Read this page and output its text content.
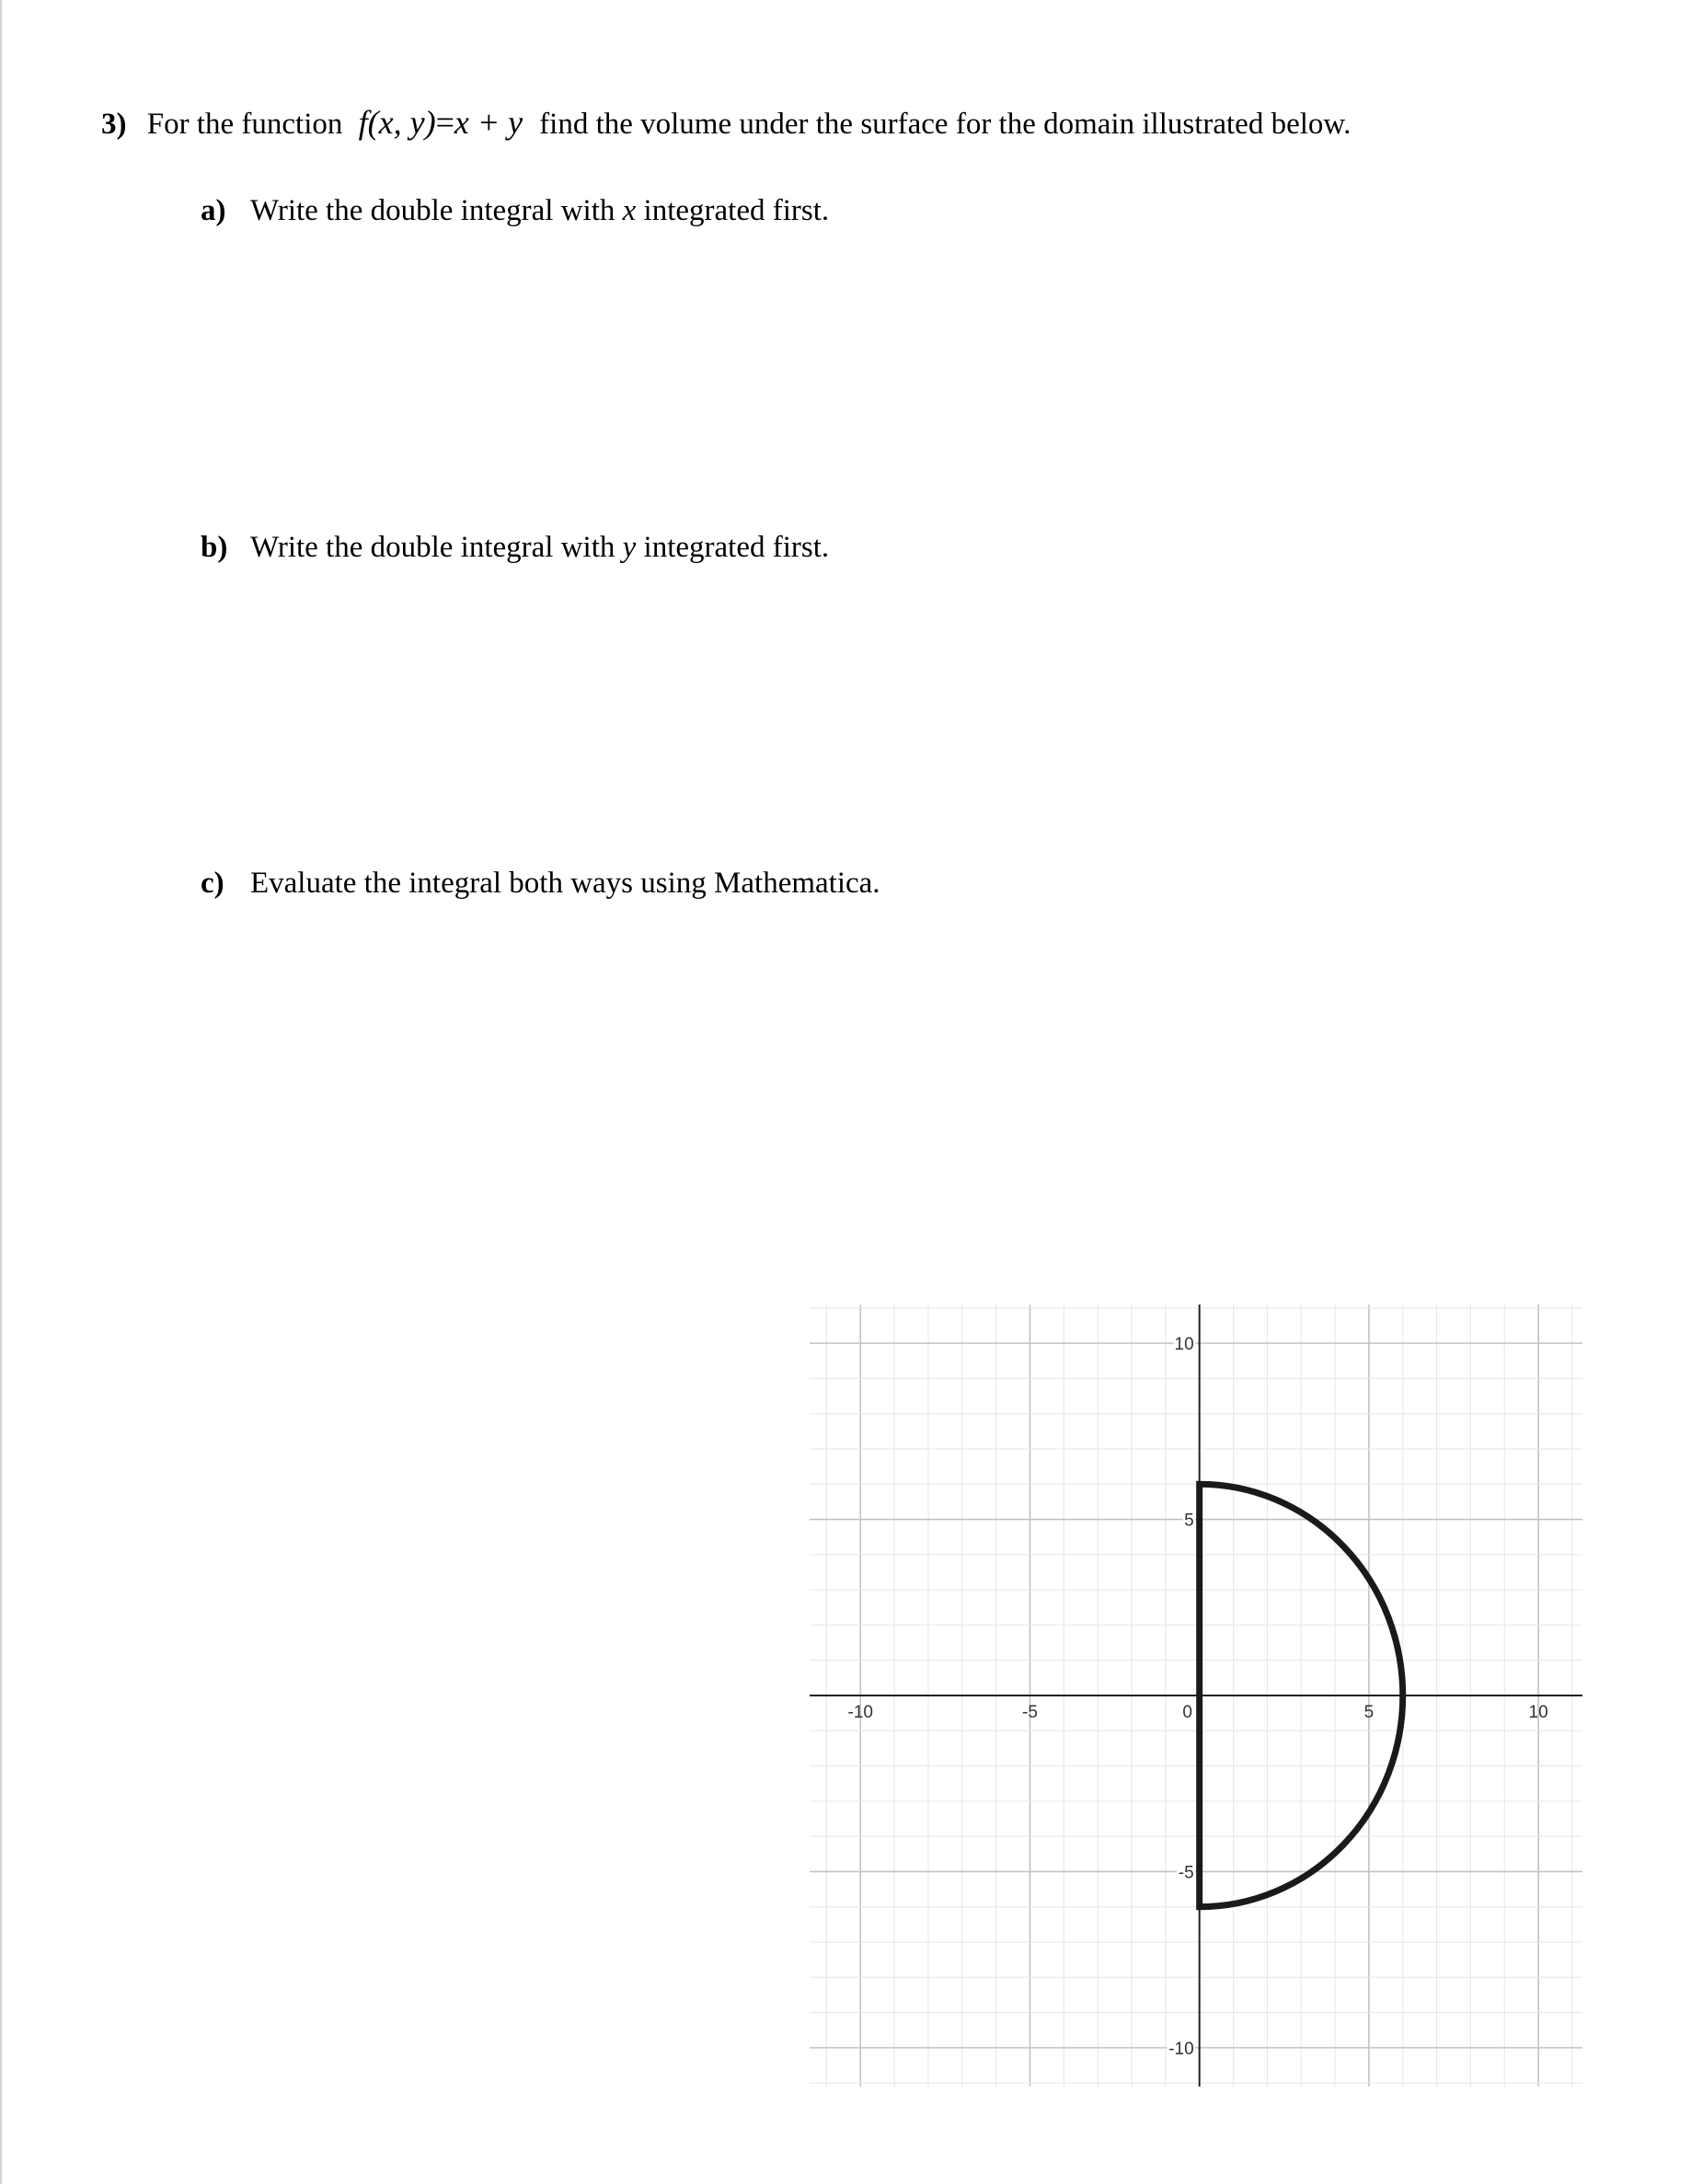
3) For the function f(x, y)=x + y find the volume under the surface for the domain illustrated below.
a) Write the double integral with x integrated first.
b) Write the double integral with y integrated first.
c) Evaluate the integral both ways using Mathematica.
-10	-5	0	5	10
10
5
-5
-10
